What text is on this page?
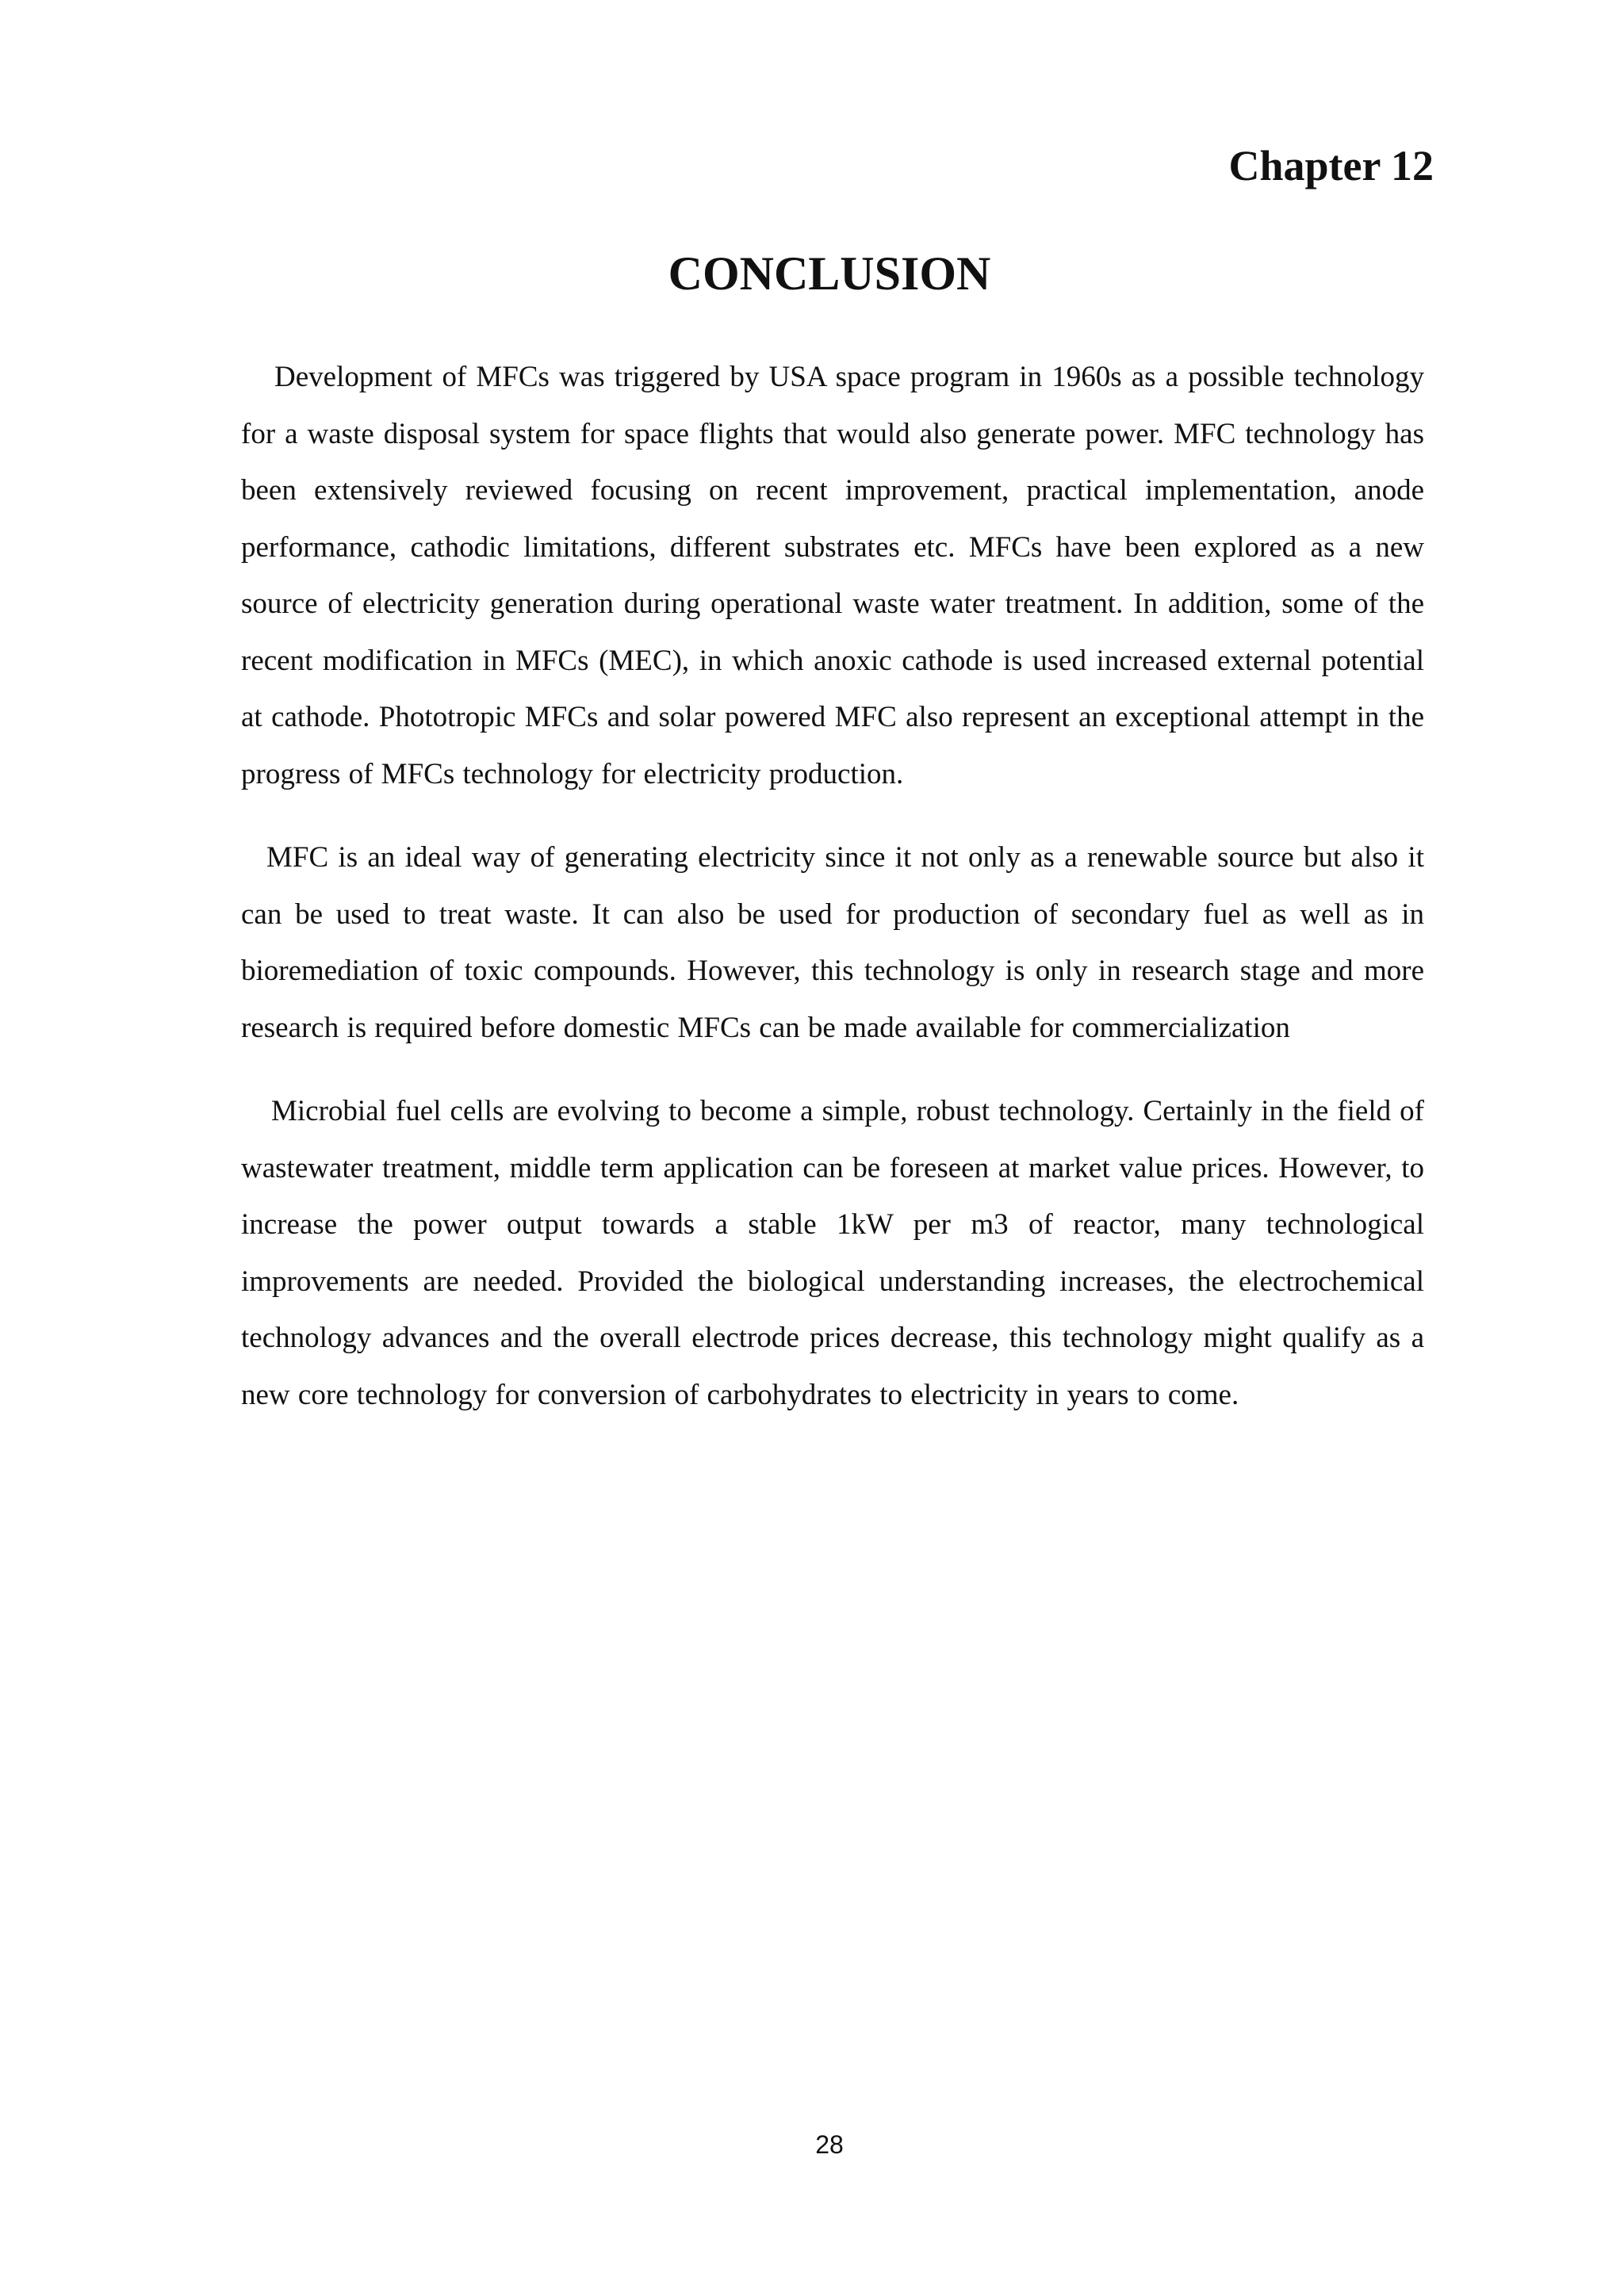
Chapter 12
CONCLUSION

Development of MFCs was triggered by USA space program in 1960s as a possible technology for a waste disposal system for space flights that would also generate power. MFC technology has been extensively reviewed focusing on recent improvement, practical implementation, anode performance, cathodic limitations, different substrates etc. MFCs have been explored as a new source of electricity generation during operational waste water treatment. In addition, some of the recent modification in MFCs (MEC), in which anoxic cathode is used increased external potential at cathode. Phototropic MFCs and solar powered MFC also represent an exceptional attempt in the progress of MFCs technology for electricity production.

MFC is an ideal way of generating electricity since it not only as a renewable source but also it can be used to treat waste. It can also be used for production of secondary fuel as well as in bioremediation of toxic compounds. However, this technology is only in research stage and more research is required before domestic MFCs can be made available for commercialization

Microbial fuel cells are evolving to become a simple, robust technology. Certainly in the field of wastewater treatment, middle term application can be foreseen at market value prices. However, to increase the power output towards a stable 1kW per m3 of reactor, many technological improvements are needed. Provided the biological understanding increases, the electrochemical technology advances and the overall electrode prices decrease, this technology might qualify as a new core technology for conversion of carbohydrates to electricity in years to come.

28
